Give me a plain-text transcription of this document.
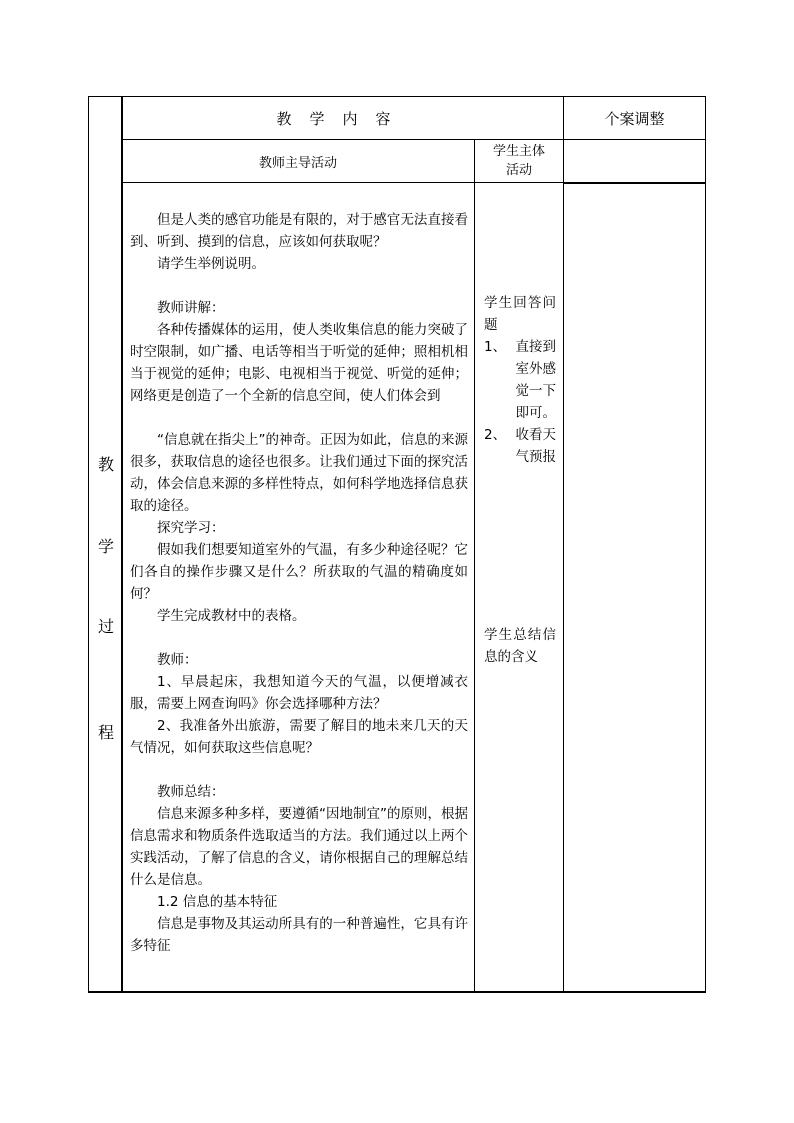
教学内容	个案调整
教师主导活动
学生主体
活动
教
学
过
程

但是人类的感官功能是有限的，对于感官无法直接看到、听到、摸到的信息，应该如何获取呢？

请学生举例说明。

教师讲解：

各种传播媒体的运用，使人类收集信息的能力突破了时空限制，如广播、电话等相当于听觉的延伸；照相机相当于视觉的延伸；电影、电视相当于视觉、听觉的延伸；网络更是创造了一个全新的信息空间，使人们体会到

“信息就在指尖上”的神奇。正因为如此，信息的来源很多，获取信息的途径也很多。让我们通过下面的探究活动，体会信息来源的多样性特点，如何科学地选择信息获取的途径。

探究学习：

假如我们想要知道室外的气温，有多少种途径呢？它们各自的操作步骤又是什么？所获取的气温的精确度如何？

学生完成教材中的表格。

教师：

1、早晨起床，我想知道今天的气温，以便增减衣服，需要上网查询吗》你会选择哪种方法？

2、我准备外出旅游，需要了解目的地未来几天的天气情况，如何获取这些信息呢？

教师总结：

信息来源多种多样，要遵循“因地制宜”的原则，根据信息需求和物质条件选取适当的方法。我们通过以上两个实践活动，了解了信息的含义，请你根据自己的理解总结什么是信息。

1.2 信息的基本特征

信息是事物及其运动所具有的一种普遍性，它具有许多特征

学生回答问题

1、 直接到室外感觉一下即可。

2、 收看天气预报

学生总结信息的含义
